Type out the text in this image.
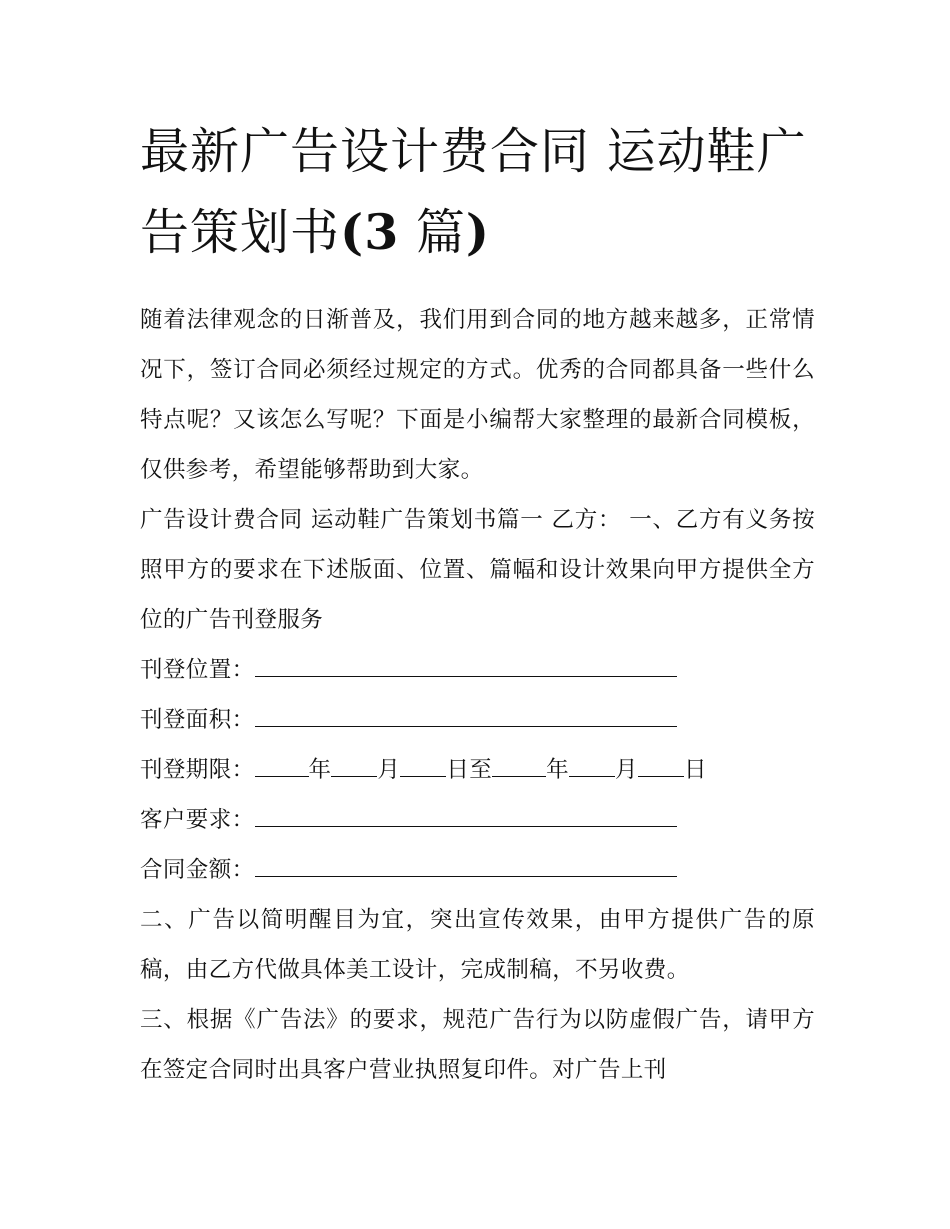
最新广告设计费合同 运动鞋广
告策划书(3 篇)

随着法律观念的日渐普及，我们用到合同的地方越来越多，正常情况下，签订合同必须经过规定的方式。优秀的合同都具备一些什么特点呢？又该怎么写呢？下面是小编帮大家整理的最新合同模板，仅供参考，希望能够帮助到大家。

广告设计费合同 运动鞋广告策划书篇一 乙方： 一、乙方有义务按照甲方的要求在下述版面、位置、篇幅和设计效果向甲方提供全方位的广告刊登服务

刊登位置：

刊登面积：

刊登期限： 年 月 日至 年 月 日

客户要求：

合同金额：

二、广告以简明醒目为宜，突出宣传效果，由甲方提供广告的原稿，由乙方代做具体美工设计，完成制稿，不另收费。

三、根据《广告法》的要求，规范广告行为以防虚假广告，请甲方在签定合同时出具客户营业执照复印件。对广告上刊
